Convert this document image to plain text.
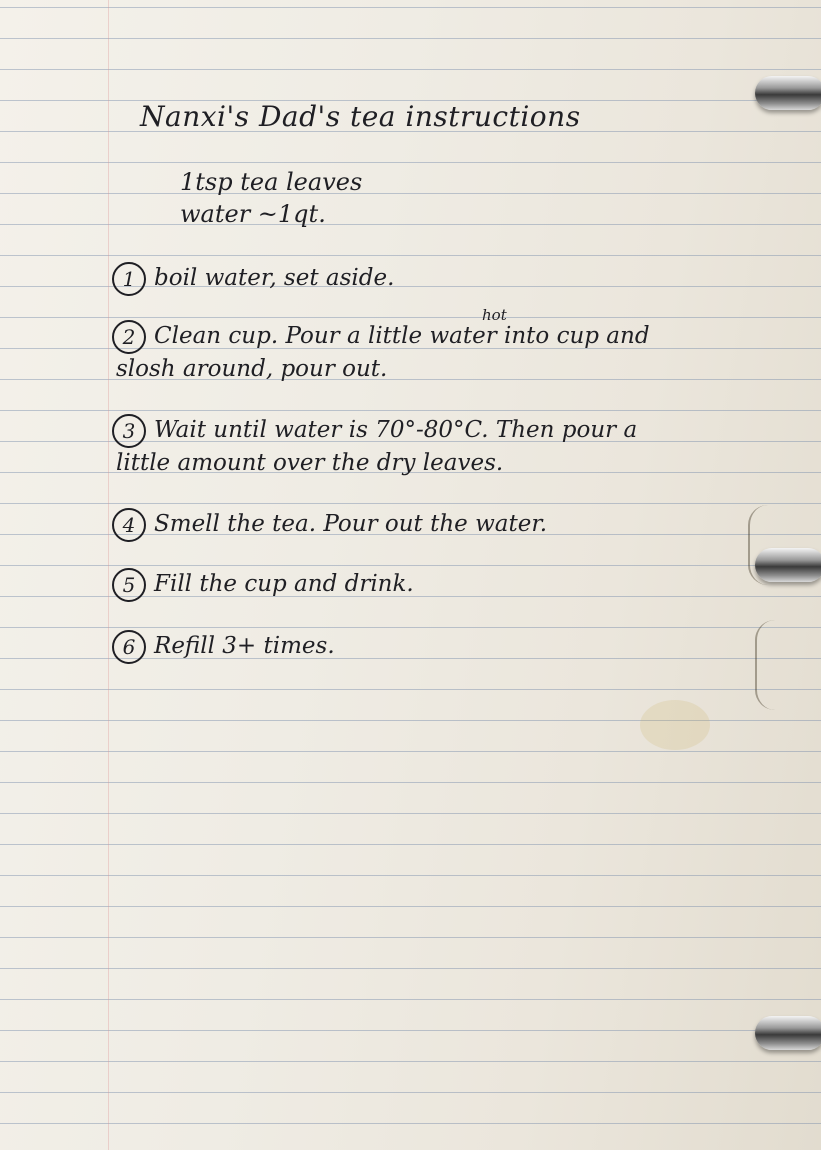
Nanxi's Dad's tea instructions
1tsp tea leaves
water ~1qt.
1 boil water, set aside.
hot
2 Clean cup. Pour a little water into cup and
slosh around, pour out.
3 Wait until water is 70°-80°C. Then pour a
little amount over the dry leaves.
4 Smell the tea. Pour out the water.
5 Fill the cup and drink.
6 Refill 3+ times.
